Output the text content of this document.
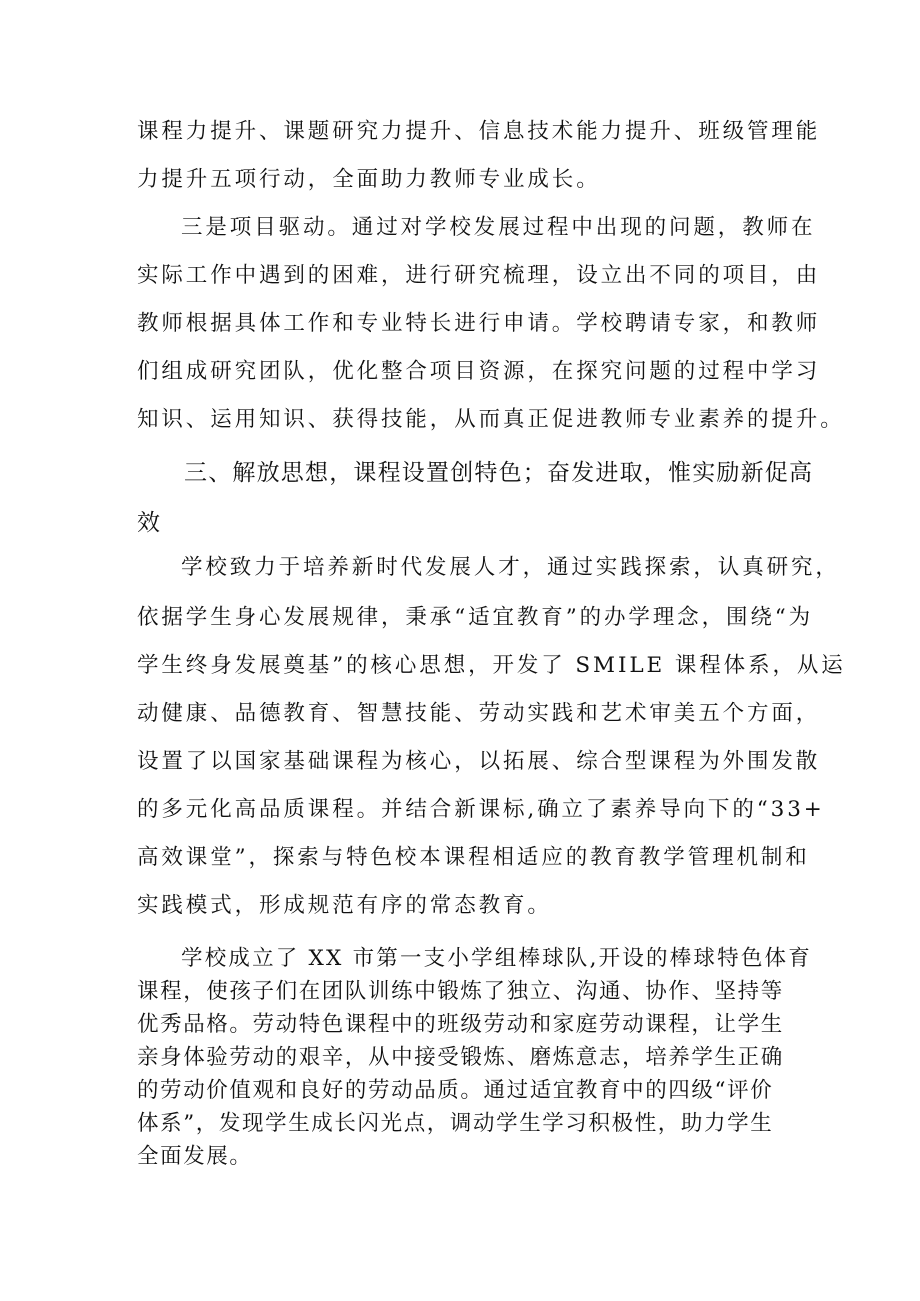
课程力提升、课题研究力提升、信息技术能力提升、班级管理能
力提升五项行动，全面助力教师专业成长。
三是项目驱动。通过对学校发展过程中出现的问题，教师在
实际工作中遇到的困难，进行研究梳理，设立出不同的项目，由
教师根据具体工作和专业特长进行申请。学校聘请专家，和教师
们组成研究团队，优化整合项目资源，在探究问题的过程中学习
知识、运用知识、获得技能，从而真正促进教师专业素养的提升。
三、解放思想，课程设置创特色；奋发进取，惟实励新促高
效
学校致力于培养新时代发展人才，通过实践探索，认真研究，
依据学生身心发展规律，秉承“适宜教育”的办学理念，围绕“为
学生终身发展奠基”的核心思想，开发了 SMILE 课程体系，从运
动健康、品德教育、智慧技能、劳动实践和艺术审美五个方面，
设置了以国家基础课程为核心，以拓展、综合型课程为外围发散
的多元化高品质课程。并结合新课标,确立了素养导向下的“33+
高效课堂”，探索与特色校本课程相适应的教育教学管理机制和
实践模式，形成规范有序的常态教育。
学校成立了 XX 市第一支小学组棒球队,开设的棒球特色体育
课程，使孩子们在团队训练中锻炼了独立、沟通、协作、坚持等
优秀品格。劳动特色课程中的班级劳动和家庭劳动课程，让学生
亲身体验劳动的艰辛，从中接受锻炼、磨炼意志，培养学生正确
的劳动价值观和良好的劳动品质。通过适宜教育中的四级“评价
体系”，发现学生成长闪光点，调动学生学习积极性，助力学生
全面发展。
